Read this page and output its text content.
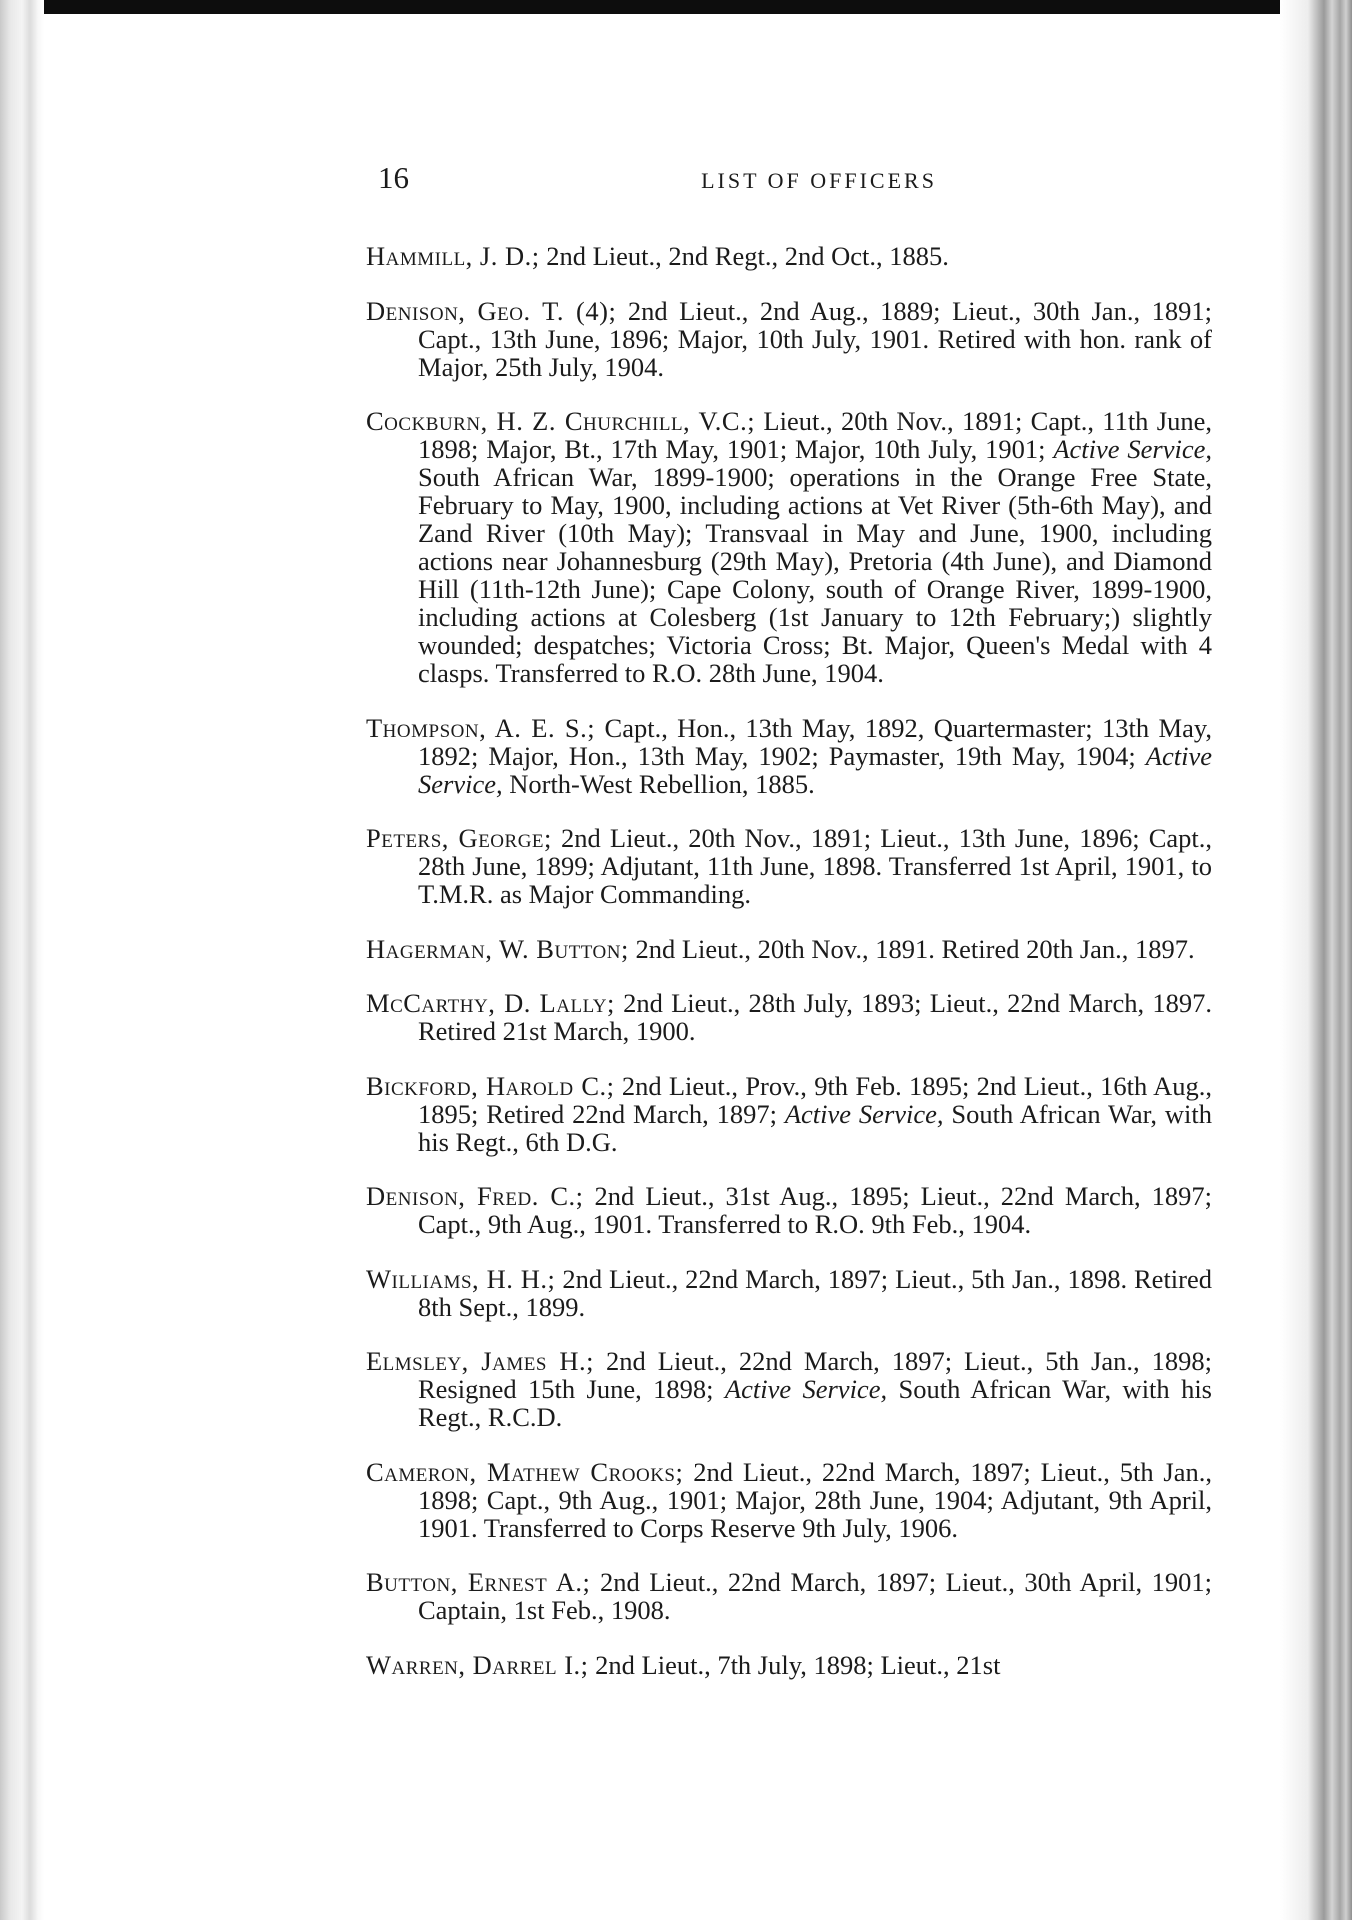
16	LIST OF OFFICERS

Hammill, J. D.; 2nd Lieut., 2nd Regt., 2nd Oct., 1885.

Denison, Geo. T. (4); 2nd Lieut., 2nd Aug., 1889; Lieut., 30th Jan., 1891; Capt., 13th June, 1896; Major, 10th July, 1901. Retired with hon. rank of Major, 25th July, 1904.

Cockburn, H. Z. Churchill, V.C.; Lieut., 20th Nov., 1891; Capt., 11th June, 1898; Major, Bt., 17th May, 1901; Major, 10th July, 1901; Active Service, South African War, 1899-1900; operations in the Orange Free State, February to May, 1900, including actions at Vet River (5th-6th May), and Zand River (10th May); Transvaal in May and June, 1900, including actions near Johannesburg (29th May), Pretoria (4th June), and Diamond Hill (11th-12th June); Cape Colony, south of Orange River, 1899-1900, including actions at Colesberg (1st January to 12th February;) slightly wounded; despatches; Victoria Cross; Bt. Major, Queen's Medal with 4 clasps. Transferred to R.O. 28th June, 1904.

Thompson, A. E. S.; Capt., Hon., 13th May, 1892, Quartermaster; 13th May, 1892; Major, Hon., 13th May, 1902; Paymaster, 19th May, 1904; Active Service, North-West Rebellion, 1885.

Peters, George; 2nd Lieut., 20th Nov., 1891; Lieut., 13th June, 1896; Capt., 28th June, 1899; Adjutant, 11th June, 1898. Transferred 1st April, 1901, to T.M.R. as Major Commanding.

Hagerman, W. Button; 2nd Lieut., 20th Nov., 1891. Retired 20th Jan., 1897.

McCarthy, D. Lally; 2nd Lieut., 28th July, 1893; Lieut., 22nd March, 1897. Retired 21st March, 1900.

Bickford, Harold C.; 2nd Lieut., Prov., 9th Feb. 1895; 2nd Lieut., 16th Aug., 1895; Retired 22nd March, 1897; Active Service, South African War, with his Regt., 6th D.G.

Denison, Fred. C.; 2nd Lieut., 31st Aug., 1895; Lieut., 22nd March, 1897; Capt., 9th Aug., 1901. Transferred to R.O. 9th Feb., 1904.

Williams, H. H.; 2nd Lieut., 22nd March, 1897; Lieut., 5th Jan., 1898. Retired 8th Sept., 1899.

Elmsley, James H.; 2nd Lieut., 22nd March, 1897; Lieut., 5th Jan., 1898; Resigned 15th June, 1898; Active Service, South African War, with his Regt., R.C.D.

Cameron, Mathew Crooks; 2nd Lieut., 22nd March, 1897; Lieut., 5th Jan., 1898; Capt., 9th Aug., 1901; Major, 28th June, 1904; Adjutant, 9th April, 1901. Transferred to Corps Reserve 9th July, 1906.

Button, Ernest A.; 2nd Lieut., 22nd March, 1897; Lieut., 30th April, 1901; Captain, 1st Feb., 1908.

Warren, Darrel I.; 2nd Lieut., 7th July, 1898; Lieut., 21st
